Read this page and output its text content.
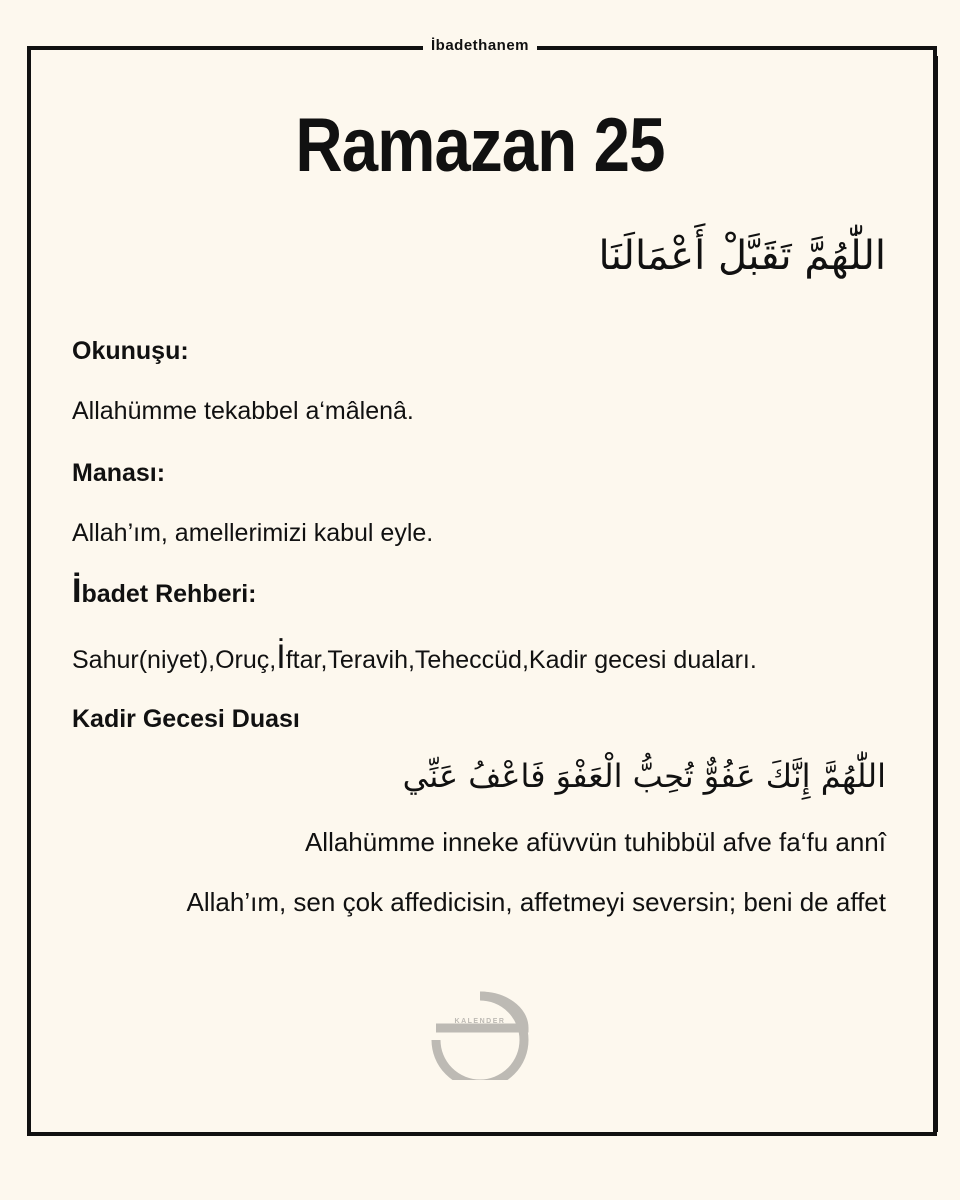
İbadethanem
Ramazan 25
اللّٰهُمَّ تَقَبَّلْ أَعْمَالَنَا
Okunuşu:
Allahümme tekabbel a‘mâlenâ.
Manası:
Allah’ım, amellerimizi kabul eyle.
İbadet Rehberi:
Sahur(niyet),Oruç,İftar,Teravih,Teheccüd,Kadir gecesi duaları.
Kadir Gecesi Duası
اللّٰهُمَّ إِنَّكَ عَفُوٌّ تُحِبُّ الْعَفْوَ فَاعْفُ عَنِّي
Allahümme inneke afüvvün tuhibbül afve fa‘fu annî
Allah’ım, sen çok affedicisin, affetmeyi seversin; beni de affet
KALENDER
